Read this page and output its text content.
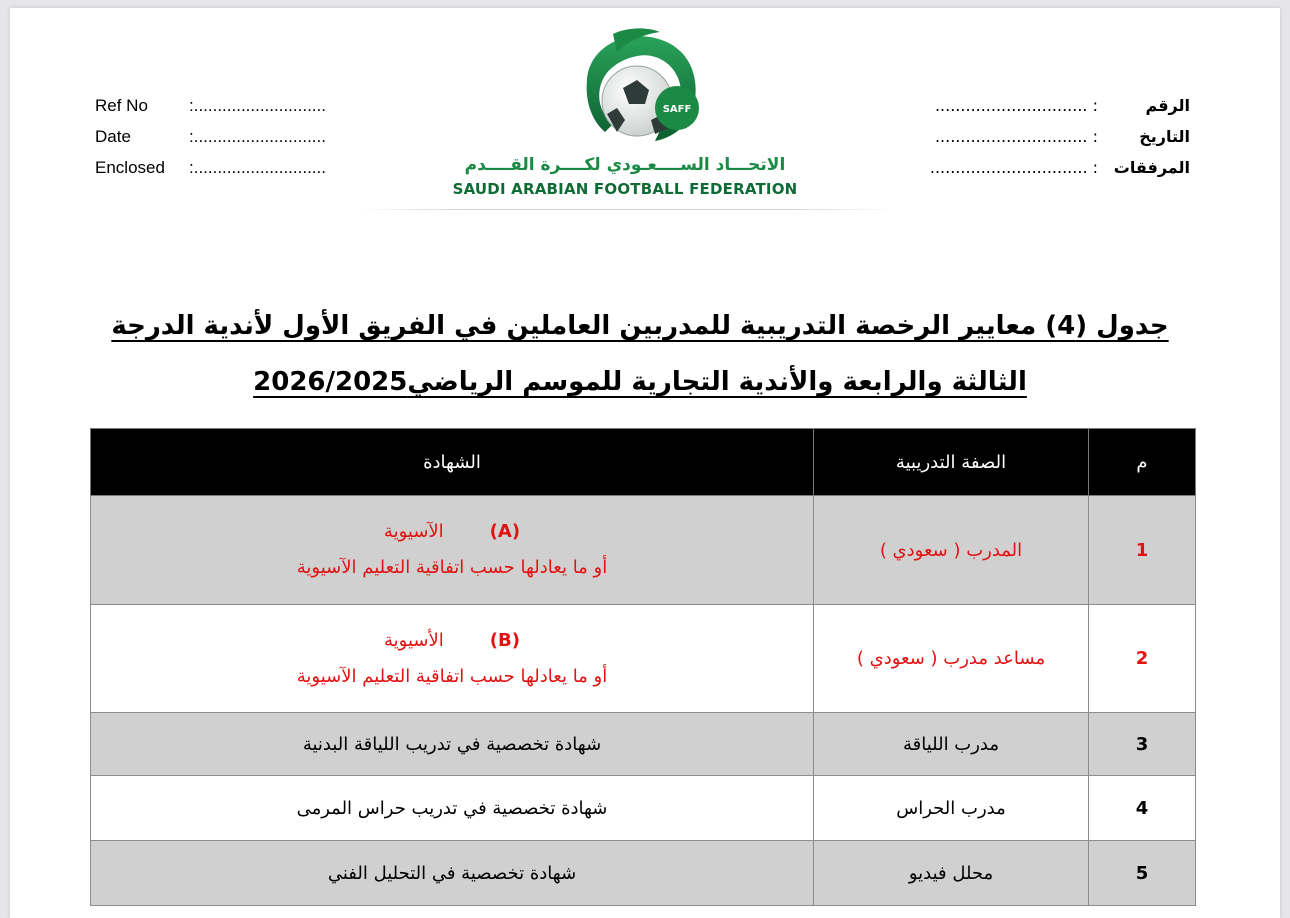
Ref No	:............................
Date	:............................
Enclosed	:............................
SAFF
الاتحـــاد الســــعـودي لكــــرة القــــدم
SAUDI ARABIAN FOOTBALL FEDERATION
الرقم
: ..............................
التاريخ
: ..............................
المرفقات
: ...............................
جدول (4) معايير الرخصة التدريبية للمدربين العاملين في الفريق الأول لأندية الدرجة
الثالثة والرابعة والأندية التجارية للموسم الرياضي2026/2025
م	الصفة التدريبية	الشهادة
1	المدرب ( سعودي )	(A)الآسيوية
أو ما يعادلها حسب اتفاقية التعليم الآسيوية

2	مساعد مدرب ( سعودي )	(B)الأسيوية
أو ما يعادلها حسب اتفاقية التعليم الآسيوية

3	مدرب اللياقة	شهادة تخصصية في تدريب اللياقة البدنية
4	مدرب الحراس	شهادة تخصصية في تدريب حراس المرمى
5	محلل فيديو	شهادة تخصصية في التحليل الفني
